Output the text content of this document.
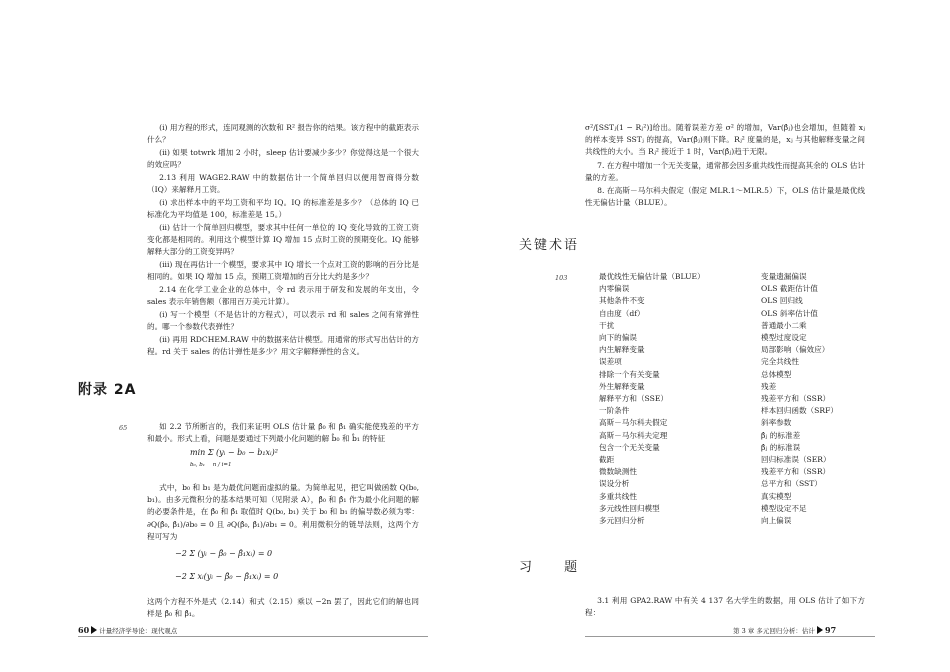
(i) 用方程的形式，连同观测的次数和 R² 报告你的结果。该方程中的截距表示什么？
(ii) 如果 totwrk 增加 2 小时，sleep 估计要减少多少？你觉得这是一个很大的效应吗？
2.13 利用 WAGE2.RAW 中的数据估计一个简单回归以便用智商得分数（IQ）来解释月工资。
(i) 求出样本中的平均工资和平均 IQ。IQ 的标准差是多少？（总体的 IQ 已标准化为平均值是 100，标准差是 15。）
(ii) 估计一个简单回归模型，要求其中任何一单位的 IQ 变化导致的工资工资变化都是相同的。利用这个模型计算 IQ 增加 15 点时工资的预期变化。IQ 能够解释大部分的工资变异吗？
(iii) 现在再估计一个模型，要求其中 IQ 增长一个点对工资的影响的百分比是相同的。如果 IQ 增加 15 点，预期工资增加的百分比大约是多少？
2.14 在化学工业企业的总体中，令 rd 表示用于研发和发展的年支出，令 sales 表示年销售额（都用百万美元计算）。
(i) 写一个模型（不是估计的方程式），可以表示 rd 和 sales 之间有常弹性的。哪一个参数代表弹性？
(ii) 再用 RDCHEM.RAW 中的数据来估计模型。用通常的形式写出估计的方程。rd 关于 sales 的估计弹性是多少？用文字解释弹性的含义。
附录 2A
65	如 2.2 节所断言的，我们来证明 OLS 估计量 β̂₀ 和 β̂₁ 确实能使残差的平方和最小。形式上看，问题是要通过下列最小化问题的解 b̂₀ 和 b̂₁ 的特征
min Σ (yᵢ − b₀ − b₁xᵢ)²
b₀, b₁ n / i=1
式中，b₀ 和 b₁ 是为最优问题而虚拟的量。为简单起见，把它叫做函数 Q(b₀, b₁)。由多元微积分的基本结果可知（见附录 A），β̂₀ 和 β̂₁ 作为最小化问题的解的必要条件是，在 β̂₀ 和 β̂₁ 取值时 Q(b₀, b₁) 关于 b₀ 和 b₁ 的偏导数必须为零：∂Q(β̂₀, β̂₁)/∂b₀ = 0 且 ∂Q(β̂₀, β̂₁)/∂b₁ = 0。利用微积分的链导法则，这两个方程可写为
−2 Σ (yᵢ − β̂₀ − β̂₁xᵢ) = 0
−2 Σ xᵢ(yᵢ − β̂₀ − β̂₁xᵢ) = 0
这两个方程不外是式（2.14）和式（2.15）乘以 −2n 罢了，因此它们的解也同样是 β̂₀ 和 β̂₁。
60 计量经济学导论：现代观点
σ²/[SSTⱼ(1 − Rⱼ²)]给出。随着误差方差 σ² 的增加，Var(β̂ⱼ)也会增加，但随着 xⱼ 的样本变异 SSTⱼ 的提高，Var(β̂ⱼ)则下降。Rⱼ² 度量的是，xⱼ 与其他解释变量之间共线性的大小。当 Rⱼ² 接近于 1 时，Var(β̂ⱼ)趋于无限。
7. 在方程中增加一个无关变量，通常都会因多重共线性而提高其余的 OLS 估计量的方差。
8. 在高斯－马尔科夫假定（假定 MLR.1～MLR.5）下，OLS 估计量是最优线性无偏估计量（BLUE）。
关键术语
103	最优线性无偏估计量（BLUE）
内零偏误
其他条件不变
自由度（df）
干扰
向下的偏误
内生解释变量
误差项
排除一个有关变量
外生解释变量
解释平方和（SSE）
一阶条件
高斯－马尔科夫假定
高斯－马尔科夫定理
包含一个无关变量
截距
微数缺测性
误设分析
多重共线性
多元线性回归模型
多元回归分析
变量遗漏偏误
OLS 截距估计值
OLS 回归线
OLS 斜率估计值
普通最小二乘
模型过度设定
局部影响（偏效应）
完全共线性
总体模型
残差
残差平方和（SSR）
样本回归函数（SRF）
斜率参数
β̂ⱼ 的标准差
β̂ⱼ 的标准误
回归标准误（SER）
残差平方和（SSR）
总平方和（SST）
真实模型
模型设定不足
向上偏误
习 题
3.1 利用 GPA2.RAW 中有关 4 137 名大学生的数据，用 OLS 估计了如下方程：
第 3 章 多元回归分析：估计 97
